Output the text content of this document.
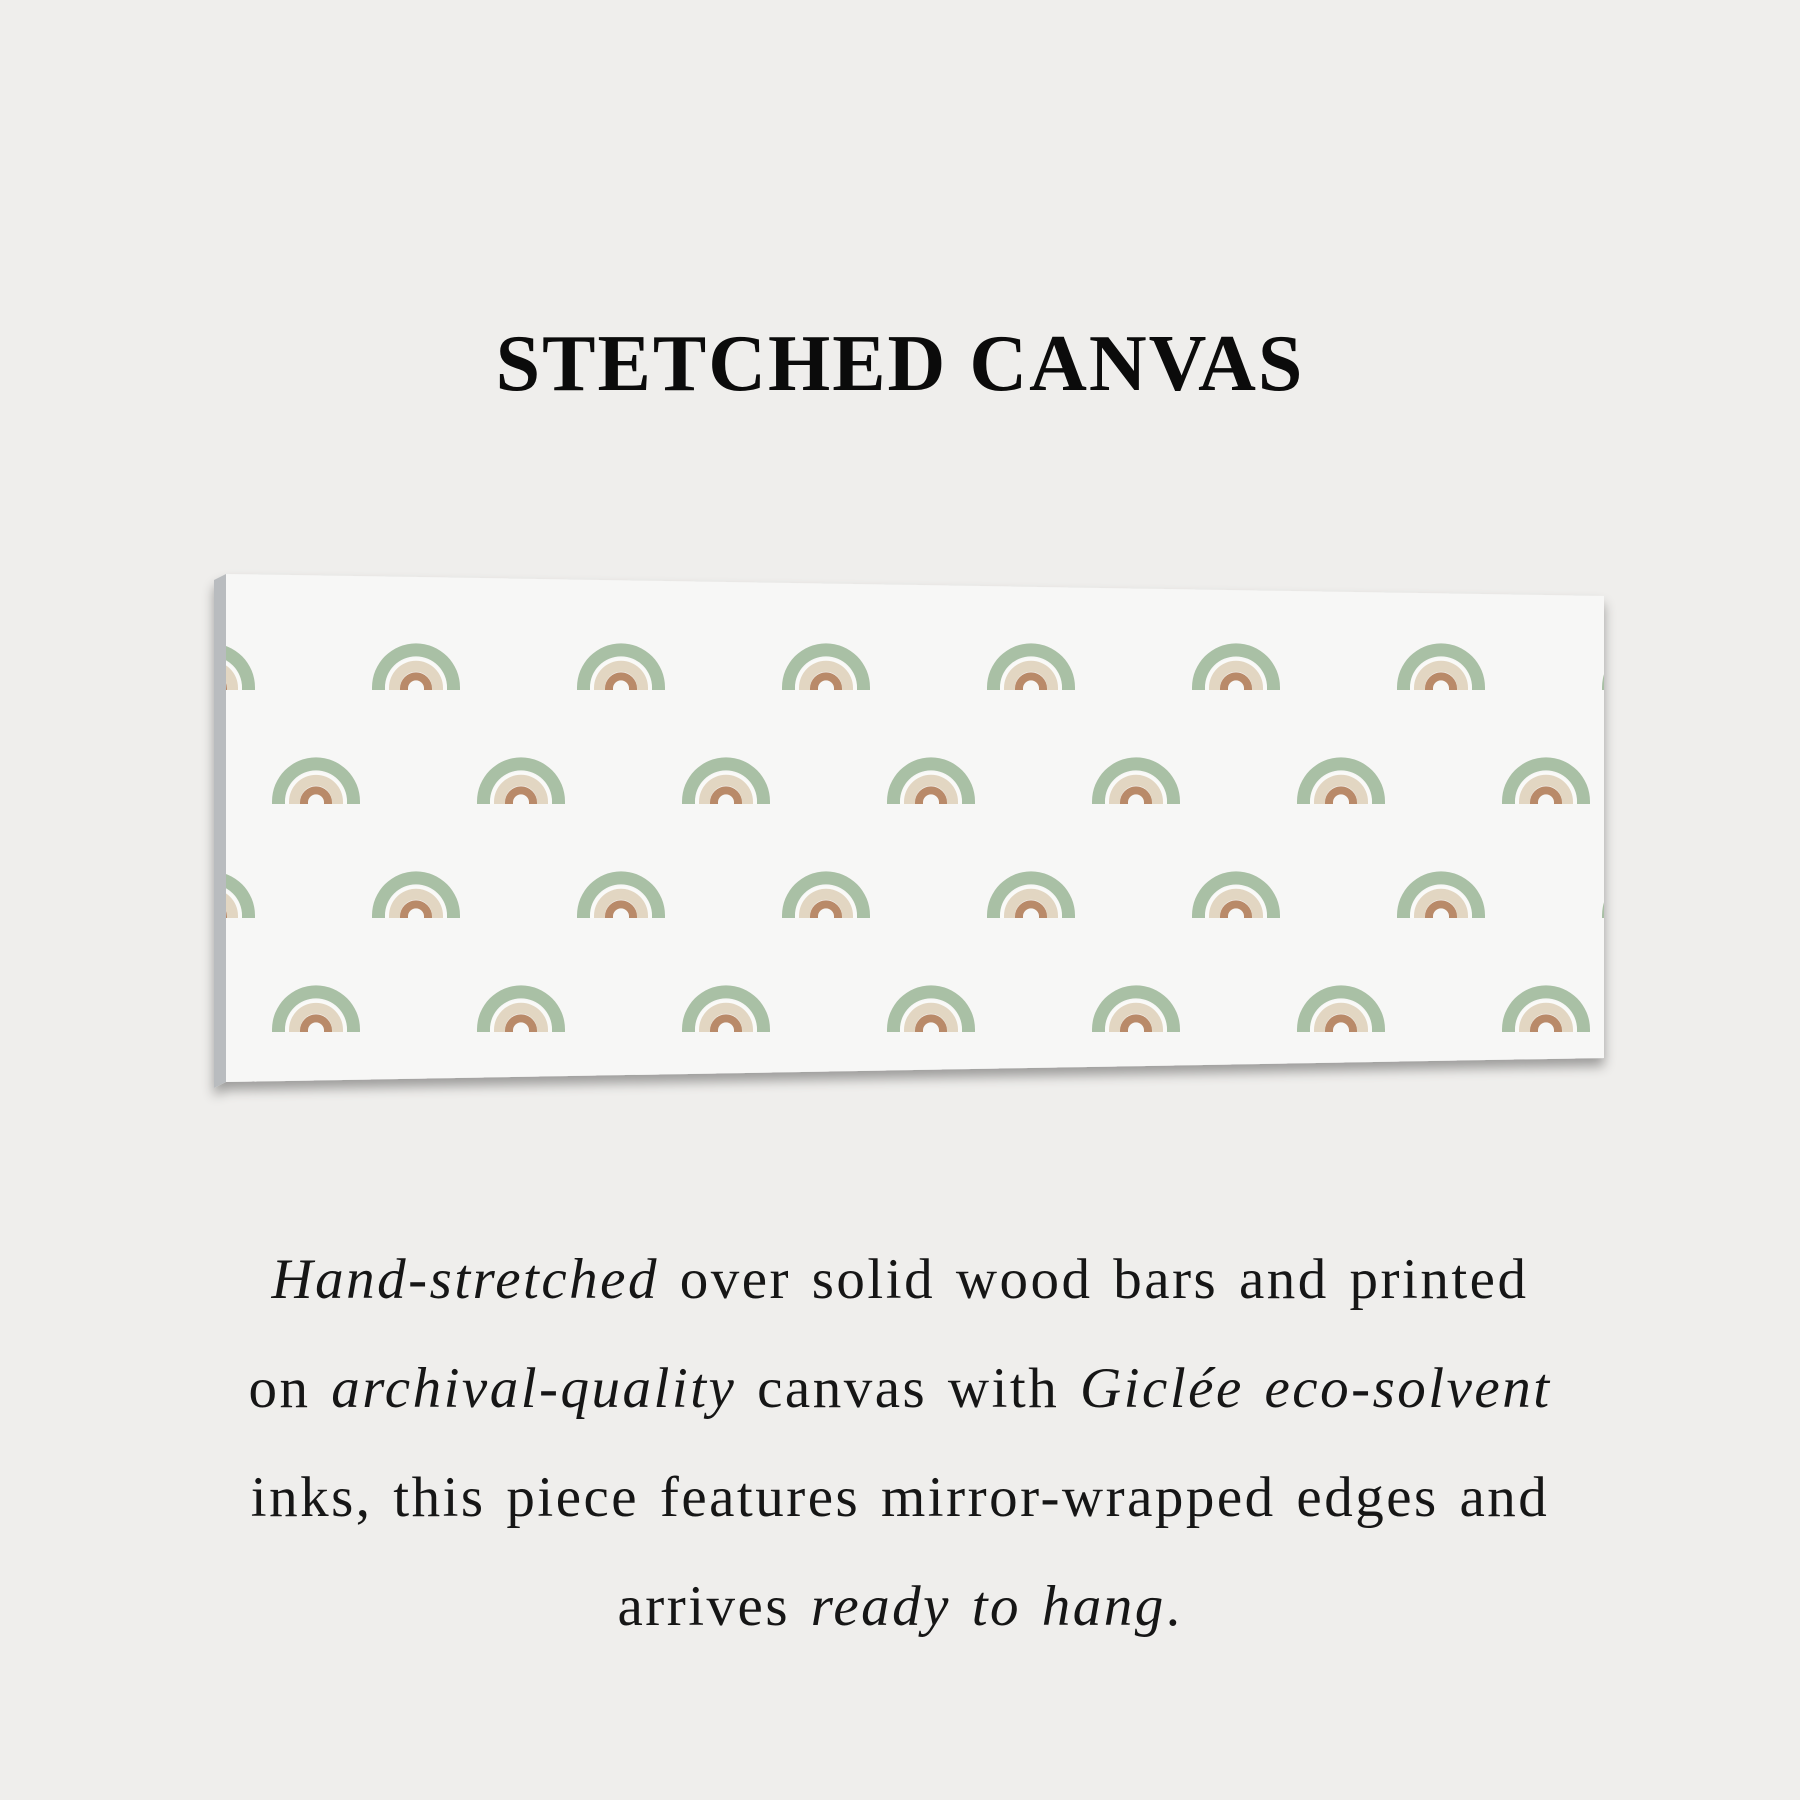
STETCHED CANVAS

Hand-stretched over solid wood bars and printed
on archival-quality canvas with Giclée eco-solvent
inks, this piece features mirror-wrapped edges and
arrives ready to hang.
